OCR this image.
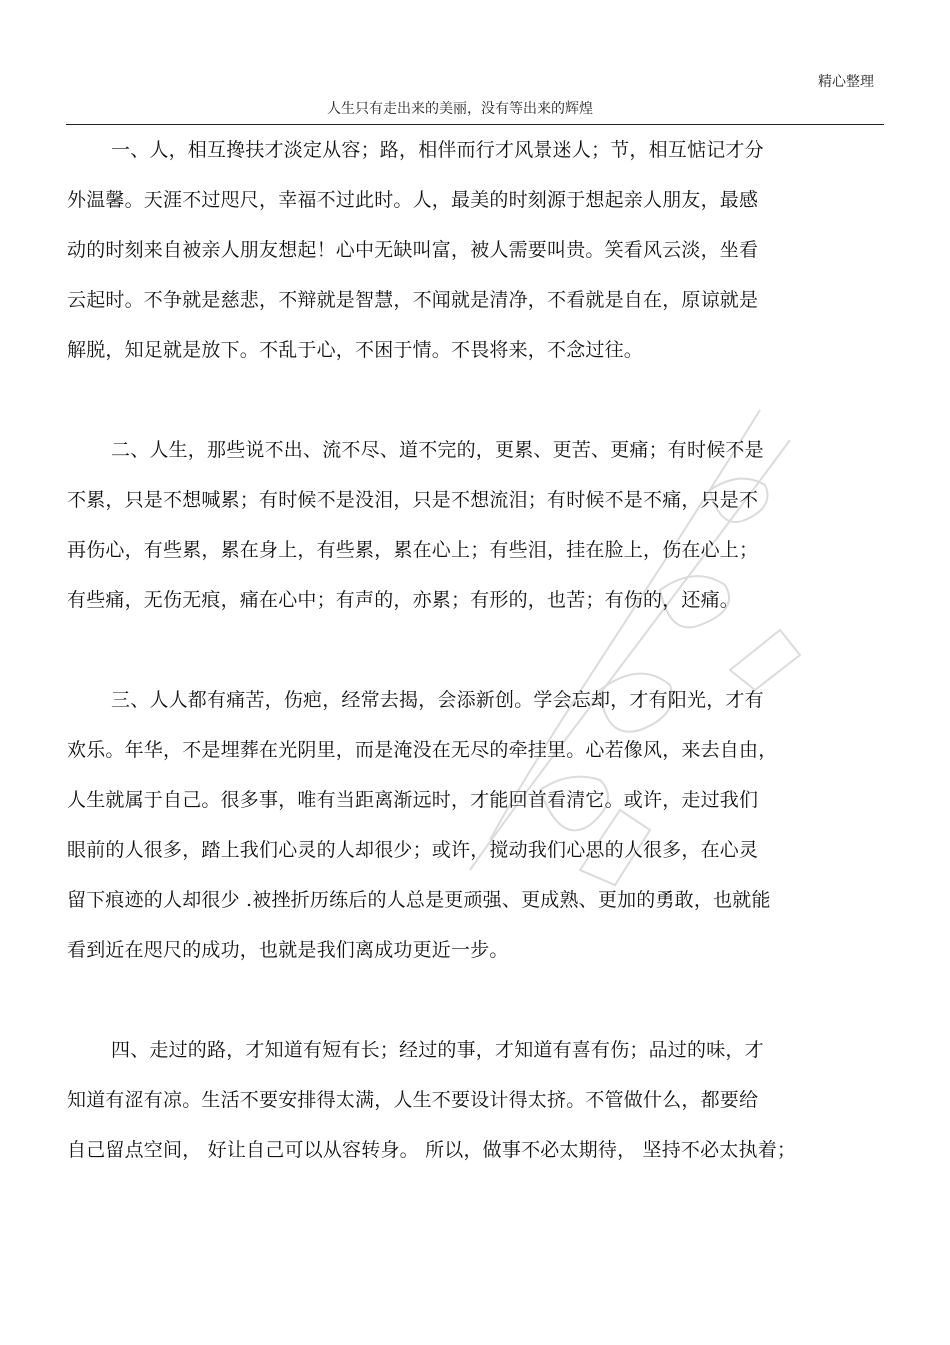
精心整理
人生只有走出来的美丽，没有等出来的辉煌
一、人，相互搀扶才淡定从容；路，相伴而行才风景迷人；节，相互惦记才分
外温馨。天涯不过咫尺，幸福不过此时。人，最美的时刻源于想起亲人朋友，最感
动的时刻来自被亲人朋友想起！心中无缺叫富，被人需要叫贵。笑看风云淡，坐看
云起时。不争就是慈悲，不辩就是智慧，不闻就是清净，不看就是自在，原谅就是
解脱，知足就是放下。不乱于心，不困于情。不畏将来，不念过往。
二、人生，那些说不出、流不尽、道不完的，更累、更苦、更痛；有时候不是
不累，只是不想喊累；有时候不是没泪，只是不想流泪；有时候不是不痛，只是不
再伤心，有些累，累在身上，有些累，累在心上；有些泪，挂在脸上，伤在心上；
有些痛，无伤无痕，痛在心中；有声的，亦累；有形的，也苦；有伤的，还痛。
三、人人都有痛苦，伤疤，经常去揭，会添新创。学会忘却，才有阳光，才有
欢乐。年华，不是埋葬在光阴里，而是淹没在无尽的牵挂里。心若像风，来去自由，
人生就属于自己。很多事，唯有当距离渐远时，才能回首看清它。或许，走过我们
眼前的人很多，踏上我们心灵的人却很少；或许，搅动我们心思的人很多，在心灵
留下痕迹的人却很少 .被挫折历练后的人总是更顽强、更成熟、更加的勇敢，也就能
看到近在咫尺的成功，也就是我们离成功更近一步。
四、走过的路，才知道有短有长；经过的事，才知道有喜有伤；品过的味，才
知道有涩有凉。生活不要安排得太满，人生不要设计得太挤。不管做什么，都要给
自己留点空间， 好让自己可以从容转身。 所以，做事不必太期待， 坚持不必太执着；
